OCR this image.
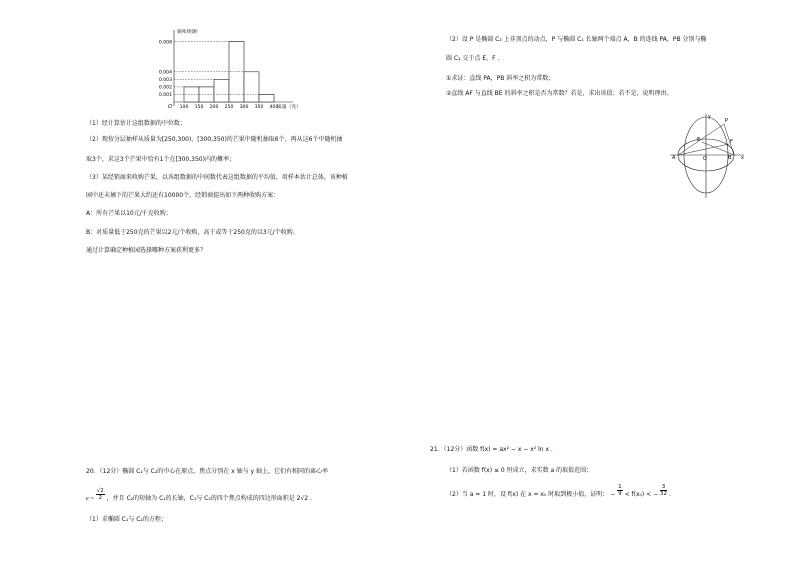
0.008
0.004
0.003
0.002
0.001
100 150 200 250 300 350 400
O
频率/组距
质量（克）
（1）经计算估计这组数据的中位数；
（2）现按分层抽样从质量为[250,300)，[300,350)的芒果中随机抽取6个，再从这6个中随机抽
取3个，求这3个芒果中恰有1个在[300,350)内的概率；
（3）某经销商来收购芒果，以各组数据的中间数代表这组数据的平均值，用样本估计总体，该种植
园中还未摘下的芒果大约还有10000个，经销商提出如下两种收购方案：
A：所有芒果以10元/千克收购；
B：对质量低于250克的芒果以2元/个收购，高于或等于250克的以3元/个收购。
通过计算确定种植园选择哪种方案获利更多？
20．（12分）椭圆 C₁与 C₂的中心在原点，焦点分别在 x 轴与 y 轴上，它们有相同的离心率
$e = \frac{√2}{2}$ ，并且 C₂的短轴为 C₁的长轴，C₁与 C₂的四个焦点构成的四边形面积是 2√2 .
（1）求椭圆 C₁与 C₂的方程；
（2）设 P 是椭圆 C₂ 上非顶点的动点，P 与椭圆 C₁ 长轴两个端点 A，B 的连线 PA，PB 分别与椭
圆 C₁ 交于点 E，F .
①求证：直线 PA，PB 斜率之积为常数；
②直线 AF 与直线 BE 的斜率之积是否为常数？若是，求出该值；若不是，说明理由。
y
P
A	O
E	F
B x
21．（12分）函数 f(x) = ax² − x − x² ln x .
（1）若函数 f(x) ≤ 0 恒成立，求实数 a 的取值范围；
（2）当 a = 1 时，设 f(x) 在 x = x₀ 时取到极小值，证明： − $\frac{1}{9} < f(x_0)$ < − $\frac{3}{32}$ .
